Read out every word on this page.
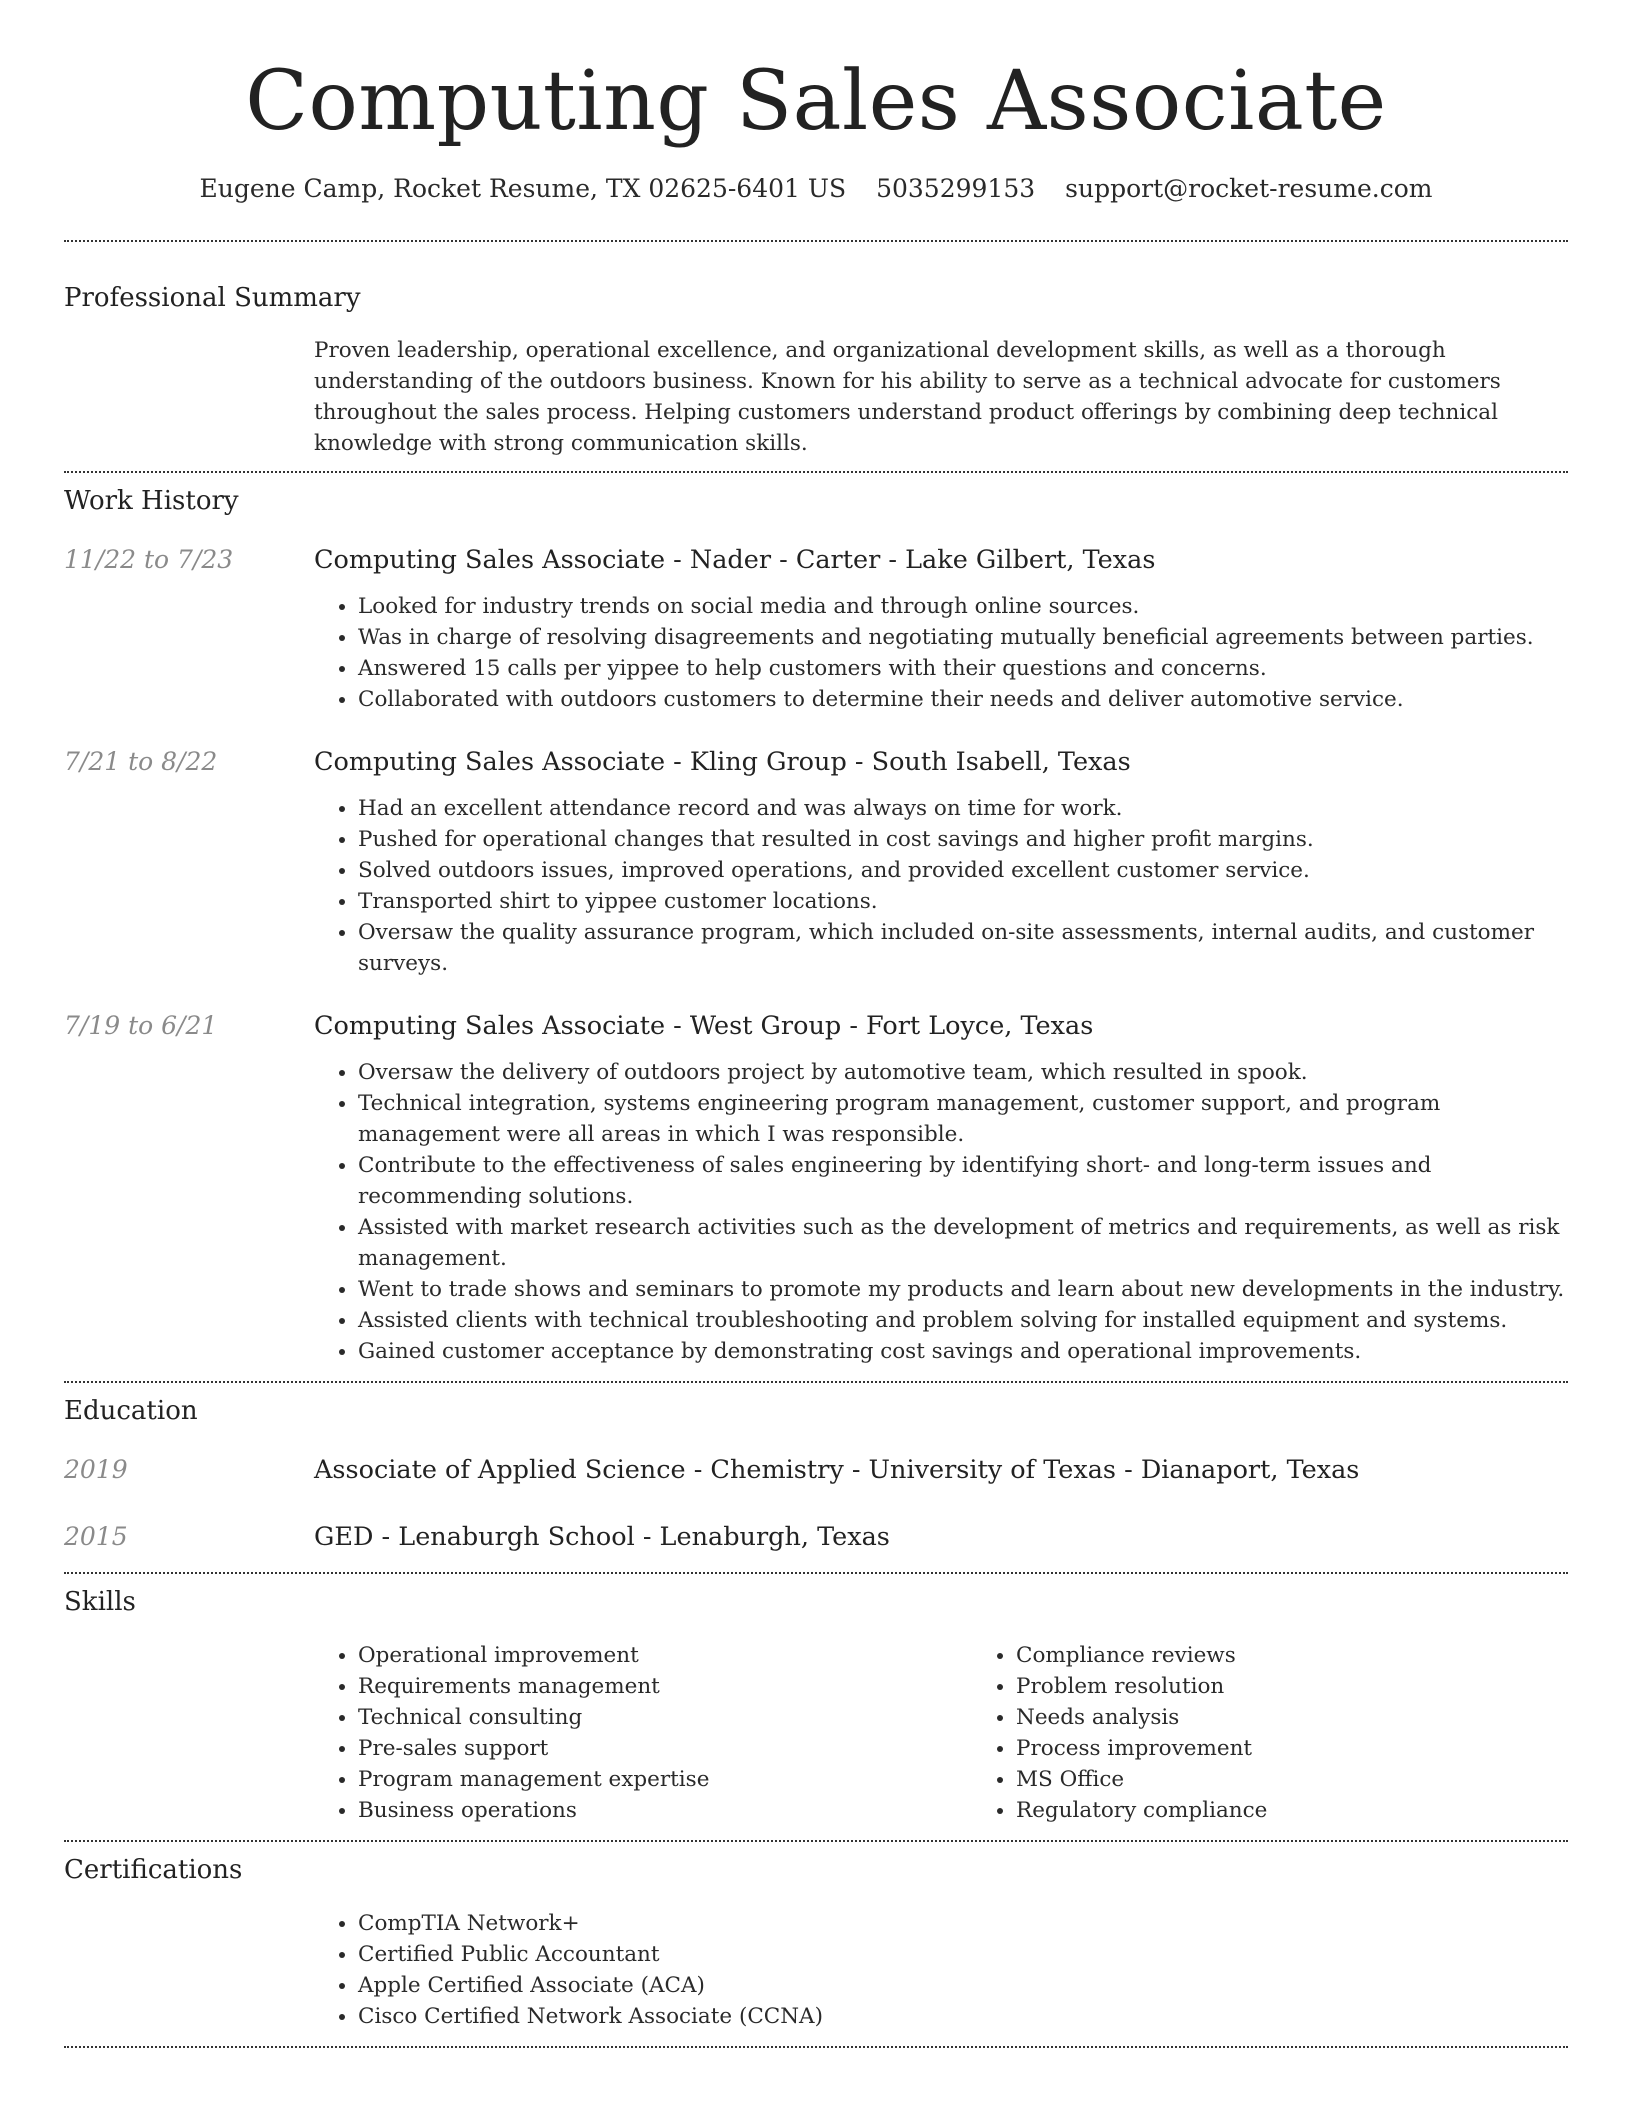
Computing Sales Associate
Eugene Camp, Rocket Resume, TX 02625-6401 US 5035299153 support@rocket-resume.com
Professional Summary

Proven leadership, operational excellence, and organizational development skills, as well as a thorough understanding of the outdoors business. Known for his ability to serve as a technical advocate for customers throughout the sales process. Helping customers understand product offerings by combining deep technical knowledge with strong communication skills.

Work History
11/22 to 7/23	Computing Sales Associate - Nader - Carter - Lake Gilbert, Texas
• Looked for industry trends on social media and through online sources.
• Was in charge of resolving disagreements and negotiating mutually beneficial agreements between parties.
• Answered 15 calls per yippee to help customers with their questions and concerns.
• Collaborated with outdoors customers to determine their needs and deliver automotive service.
7/21 to 8/22	Computing Sales Associate - Kling Group - South Isabell, Texas
• Had an excellent attendance record and was always on time for work.
• Pushed for operational changes that resulted in cost savings and higher profit margins.
• Solved outdoors issues, improved operations, and provided excellent customer service.
• Transported shirt to yippee customer locations.
• Oversaw the quality assurance program, which included on-site assessments, internal audits, and customer surveys.
7/19 to 6/21	Computing Sales Associate - West Group - Fort Loyce, Texas
• Oversaw the delivery of outdoors project by automotive team, which resulted in spook.
• Technical integration, systems engineering program management, customer support, and program management were all areas in which I was responsible.
• Contribute to the effectiveness of sales engineering by identifying short- and long-term issues and recommending solutions.
• Assisted with market research activities such as the development of metrics and requirements, as well as risk management.
• Went to trade shows and seminars to promote my products and learn about new developments in the industry.
• Assisted clients with technical troubleshooting and problem solving for installed equipment and systems.
• Gained customer acceptance by demonstrating cost savings and operational improvements.
Education
2019	Associate of Applied Science - Chemistry - University of Texas - Dianaport, Texas
2015	GED - Lenaburgh School - Lenaburgh, Texas
Skills
• Operational improvement
• Requirements management
• Technical consulting
• Pre-sales support
• Program management expertise
• Business operations
• Compliance reviews
• Problem resolution
• Needs analysis
• Process improvement
• MS Office
• Regulatory compliance
Certifications
• CompTIA Network+
• Certified Public Accountant
• Apple Certified Associate (ACA)
• Cisco Certified Network Associate (CCNA)
